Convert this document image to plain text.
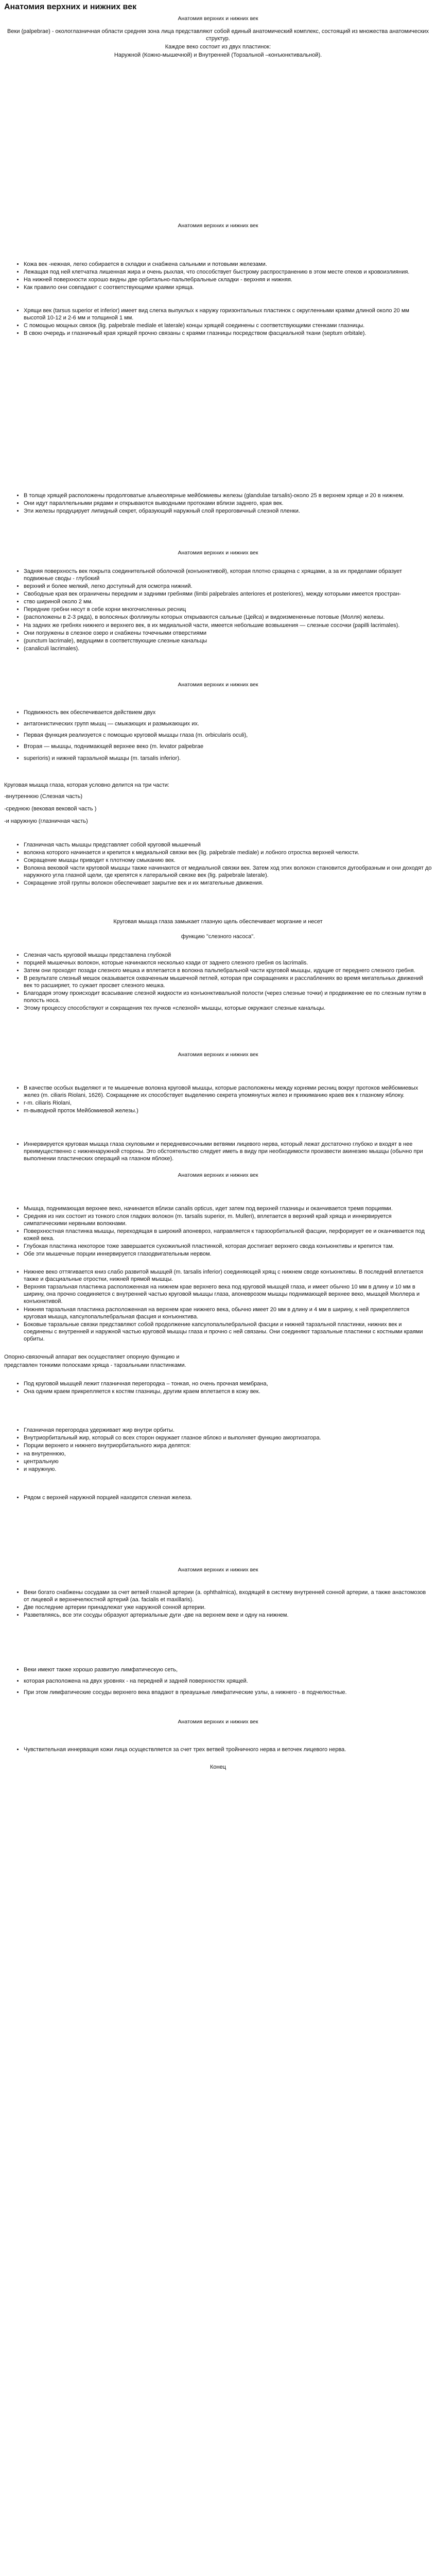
Анатомия верхних и нижних век
Анатомия верхних и нижних век

Веки (palpebrae) - окологлазничная области средняя зона лица представляют собой единый анатомический комплекс, состоящий из множества анатомических структур.

Каждое веко состоит из двух пластинок:

Наружной (Кожно-мышечной) и Внутренней (Торзальной –конъюнктивальной).

Анатомия верхних и нижних век
• Кожа век -нежная, легко собирается в складки и снабжена сальными и потовыми железами.
• Лежащая под ней клетчатка лишенная жира и очень рыхлая, что способствует быстрому распространению в этом месте отеков и кровоизлияния.
• На нижней поверхности хорошо видны две орбитально-пальпебральные складки - верхняя и нижняя.
• Как правило они совпадают с соответствующими краями хряща.
• Хрящи век (tarsus superior et inferior) имеет вид слегка выпуклых к наружу горизонтальных пластинок с округленными краями длиной около 20 мм высотой 10-12 и 2-6 мм и толщиной 1 мм.
• С помощью мощных связок (lig. palpebrale mediale et laterale) концы хрящей соединены с соответствующими стенками глазницы.
• В свою очередь и глазничный края хрящей прочно связаны с краями глазницы посредством фасциальной ткани (septum orbitale).
• В толще хрящей расположены продолговатые альвеолярные мейбомиевы железы (glandulae tarsalis)-около 25 в верхнем хряще и 20 в нижнем.
• Они идут параллельными рядами и открываются выводными протоками вблизи заднего, края век.
• Эти железы продуцирует липидный секрет, образующий наружный слой прероговичный слезной пленки.
Анатомия верхних и нижних век
• Задняя поверхность век покрыта соединительной оболочкой (конъюнктивой), которая плотно сращена с хрящами, а за их пределами образует подвижные своды - глубокий
• верхний и более мелкий, легко доступный для осмотра нижний.
• Свободные края век ограничены передним и задними гребнями (limbi palpebrales anteriores et posteriores), между которыми имеется простран-
• ство шириной около 2 мм.
• Передние гребни несут в себе корни многочисленных ресниц
• (расположены в 2-3 ряда), в волосяных фолликулы которых открываются сальные (Цейса) и видоизмененные потовые (Молля) железы.
• На задних же гребнях нижнего и верхнего век, в их медиальной части, имеется небольшие возвышения — слезные сосочки (papilli lacrimales).
• Они погружены в слезное озеро и снабжены точечными отверстиями
• (punctum lacrimale), ведущими в соответствующие слезные канальцы
• (canaliculi lacrimales).
Анатомия верхних и нижних век
• Подвижность век обеспечивается действием двух
• антагонистических групп мышц — смыкающих и размыкающих их.
• Первая функция реализуется с помощью круговой мышцы глаза (m. orbicularis oculi),
• Вторая — мышцы, поднимающей верхнее веко (m. levator palpebrae
• superioris) и нижней тарзальной мышцы (m. tarsalis inferior).

Круговая мышца глаза, которая условно делится на три части:

-внутреннюю (Слезная часть)

-среднюю (вековая вековой часть )

-и наружную (глазничная часть)

• Глазничная часть мышцы представляет собой круговой мышечный
• волокна которого начинается и крепится к медиальной связки век (lig. palpebrale mediale) и лобного отростка верхней челюсти.
• Сокращение мышцы приводит к плотному смыканию век.
• Волокна вековой части круговой мышцы также начинаются от медиальной связки век. Затем ход этих волокон становится дугообразным и они доходят до наружного угла глазной щели, где крепятся к латеральной связке век (lig. palpebrale laterale).
• Сокращение этой группы волокон обеспечивает закрытие век и их мигательные движения.

Круговая мышца глаза замыкает глазную щель обеспечивает моргание и несет

функцию "слезного насоса".

• Слезная часть круговой мышцы представлена глубокой
• порцией мышечных волокон, которые начинаются несколько кзади от заднего слезного гребня os lacrimalis.
• Затем они проходят позади слезного мешка и вплетается в волокна пальпебральной части круговой мышцы, идущие от переднего слезного гребня.
• В результате слезный мешок оказывается охваченным мышечной петлей, которая при сокращениях и расслаблениях во время мигательных движений век то расширяет, то сужает просвет слезного мешка.
• Благодаря этому происходит всасывание слезной жидкости из конъюнктивальной полости (через слезные точки) и продвижение ее по слезным путям в полость носа.
• Этому процессу способствуют и сокращения тех пучков «слезной» мышцы, которые окружают слезные канальцы.
Анатомия верхних и нижних век
• В качестве особых выделяют и те мышечные волокна круговой мышцы, которые расположены между корнями ресниц вокруг протоков мейбомиевых желез (m. ciliaris Riolani, 1626). Сокращение их способствует выделению секрета упомянутых желез и прижиманию краев век к глазному яблоку.
• r-m. ciliaris Riolani,
• m-выводной проток Мейбомиевой железы.)
• Иннервируется круговая мышца глаза скуловыми и передневисочными ветвями лицевого нерва, который лежат достаточно глубоко и входят в нее преимущественно с нижненаружной стороны. Это обстоятельство следует иметь в виду при необходимости произвести акинезию мышцы (обычно при выполнении пластических операций на глазном яблоке).
Анатомия верхних и нижних век
• Мышца, поднимающая верхнее веко, начинается вблизи canalis opticus, идет затем под верхней глазницы и оканчивается тремя порциями.
• Средняя из них состоит из тонкого слоя гладких волокон (m. tarsalis superior, m. Mulleri), вплетается в верхний край хряща и иннервируется симпатическими нервными волокнами.
• Поверхностная пластинка мышцы, переходящая в широкий апоневроз, направляется к тарзоорбитальной фасции, перфорирует ее и оканчивается под кожей века.
• Глубокая пластинка некоторое тоже завершается сухожильной пластинкой, которая достигает верхнего свода конъюнктивы и крепится там.
• Обе эти мышечные порции иннервируется глазодвигательным нервом.
• Нижнее веко оттягивается книз слабо развитой мышцей (m. tarsalis inferior) соединяющей хрящ с нижнем своде конъюнктивы. В последний вплетается также и фасциальные отростки, нижней прямой мышцы.
• Верхняя тарзальная пластинка расположенная на нижнем крае верхнего века под круговой мышцей глаза, и имеет обычно 10 мм в длину и 10 мм в ширину, она прочно соединяется с внутренней частью круговой мышцы глаза, апоневрозом мышцы поднимающей верхнее веко, мышцей Мюллера и конъюнктивой.
• Нижняя тарзальная пластинка расположенная на верхнем крае нижнего века, обычно имеет 20 мм в длину и 4 мм в ширину, к ней прикрепляется круговая мышца, капсулопальпебральная фасция и конъюнктива.
• Боковые тарзальные связки представляют собой продолжение капсулопальпебральной фасции и нижней тарзальной пластинки, нижних век и соединены с внутренней и наружной частью круговой мышцы глаза и прочно с ней связаны. Они соединяют тарзальные пластинки с костными краями орбиты.

Опорно-связочный аппарат век осуществляет опорную функцию и

представлен тонкими полосками хряща - тарзальными пластинками.

• Под круговой мышцей лежит глазничная перегородка – тонкая, но очень прочная мембрана,
• Она одним краем прикрепляется к костям глазницы, другим краем вплетается в кожу век.
• Глазничная перегородка удерживает жир внутри орбиты.
• Внутриорбитальный жир, который со всех сторон окружает глазное яблоко и выполняет функцию амортизатора.
• Порции верхнего и нижнего внутриорбитального жира делятся:
• на внутреннюю,
• центральную
• и наружную.
• Рядом с верхней наружной порцией находится слезная железа.
Анатомия верхних и нижних век
• Веки богато снабжены сосудами за счет ветвей глазной артерии (a. ophthalmica), входящей в систему внутренней сонной артерии, а также анастомозов от лицевой и верхнечелюстной артерий (аа. facialis et maxillaris).
• Две последние артерии принадлежат уже наружной сонной артерии.
• Разветвляясь, все эти сосуды образуют артериальные дуги -две на верхнем веке и одну на нижнем.
• Веки имеют также хорошо развитую лимфатическую сеть,
• которая расположена на двух уровнях - на передней и задней поверхностях хрящей.
• При этом лимфатические сосуды верхнего века впадают в преаушные лимфатические узлы, а нижнего - в подчелюстные.
Анатомия верхних и нижних век
• Чувствительная иннервация кожи лица осуществляется за счет трех ветвей тройничного нерва и веточек лицевого нерва.
Конец
